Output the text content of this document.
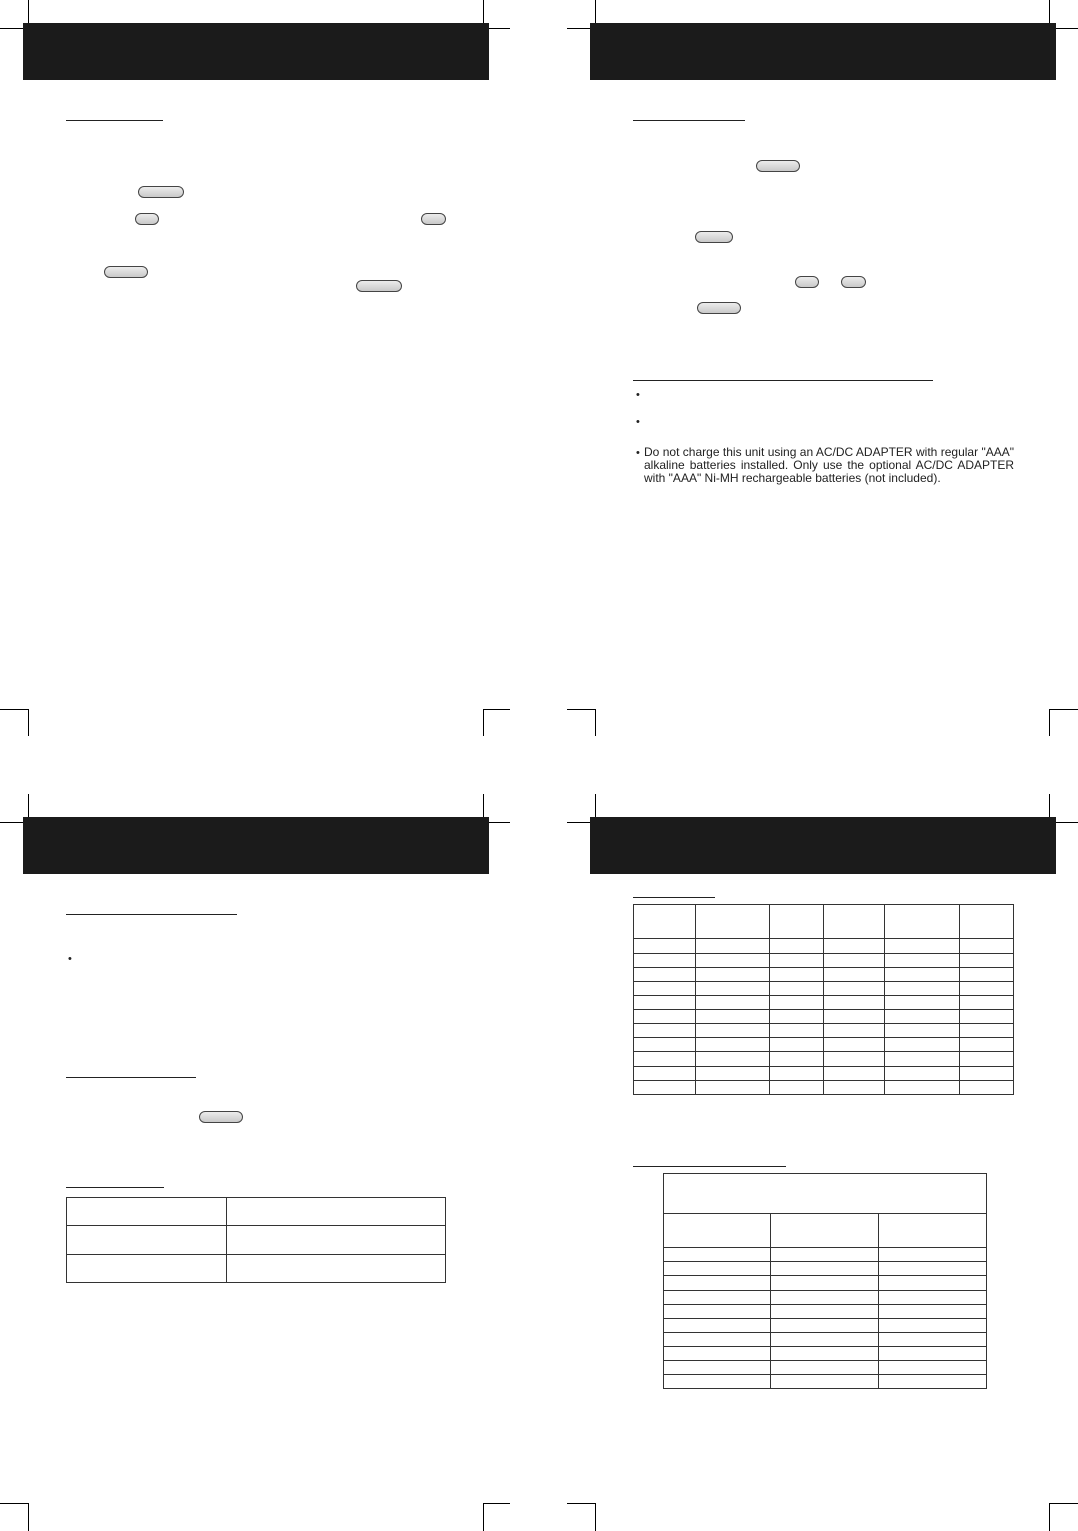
•
•
• Do not charge this unit using an AC/DC ADAPTER with regular "AAA" alkaline batteries installed. Only use the optional AC/DC ADAPTER with "AAA" Ni-MH rechargeable batteries (not included).
•
